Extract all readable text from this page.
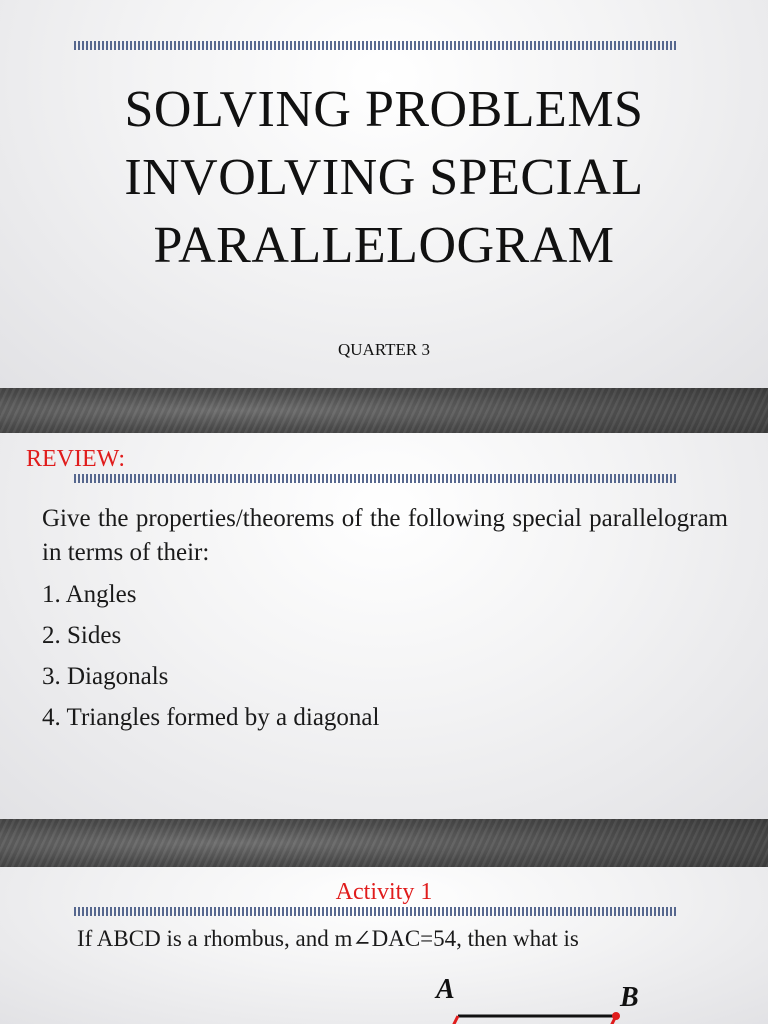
SOLVING PROBLEMS
INVOLVING SPECIAL
PARALLELOGRAM
QUARTER 3
REVIEW:
Give the properties/theorems of the following special parallelogram in terms of their:
1. Angles
2. Sides
3. Diagonals
4. Triangles formed by a diagonal
Activity 1
If ABCD is a rhombus, and m∠DAC=54, then what is
A	B
